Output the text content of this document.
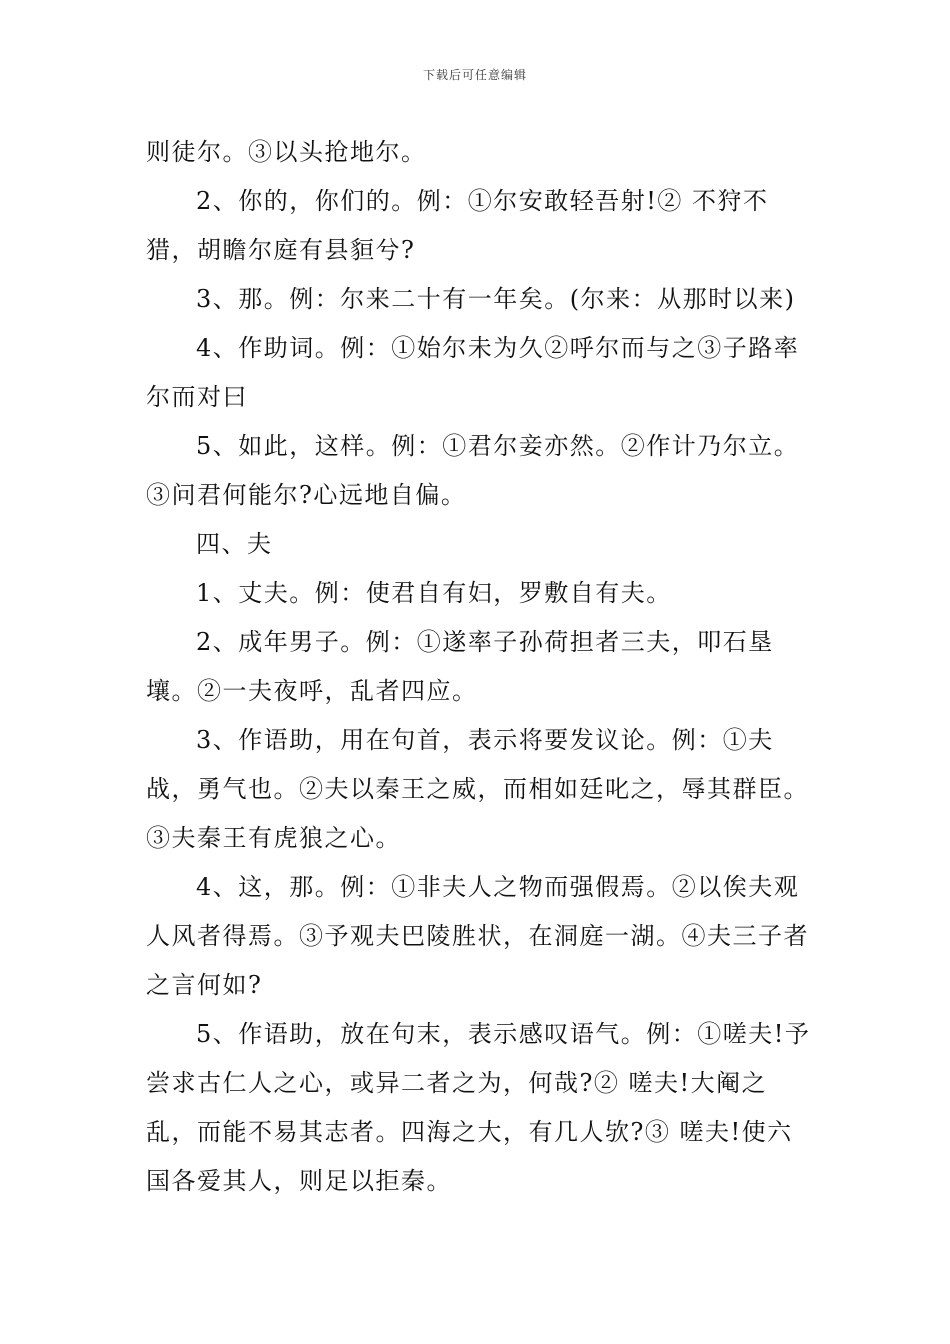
下载后可任意编辑

则徒尔。③以头抢地尔。

2、你的，你们的。例：①尔安敢轻吾射!② 不狩不猎，胡瞻尔庭有县貆兮?

3、那。例：尔来二十有一年矣。(尔来：从那时以来)

4、作助词。例：①始尔未为久②呼尔而与之③子路率尔而对曰

5、如此，这样。例：①君尔妾亦然。②作计乃尔立。③问君何能尔?心远地自偏。

四、夫

1、丈夫。例：使君自有妇，罗敷自有夫。

2、成年男子。例：①遂率子孙荷担者三夫，叩石垦壤。②一夫夜呼，乱者四应。

3、作语助，用在句首，表示将要发议论。例：①夫战，勇气也。②夫以秦王之威，而相如廷叱之，辱其群臣。③夫秦王有虎狼之心。

4、这，那。例：①非夫人之物而强假焉。②以俟夫观人风者得焉。③予观夫巴陵胜状，在洞庭一湖。④夫三子者之言何如?

5、作语助，放在句末，表示感叹语气。例：①嗟夫!予尝求古仁人之心，或异二者之为，何哉?② 嗟夫!大阉之乱，而能不易其志者。四海之大，有几人欤?③ 嗟夫!使六国各爱其人，则足以拒秦。
